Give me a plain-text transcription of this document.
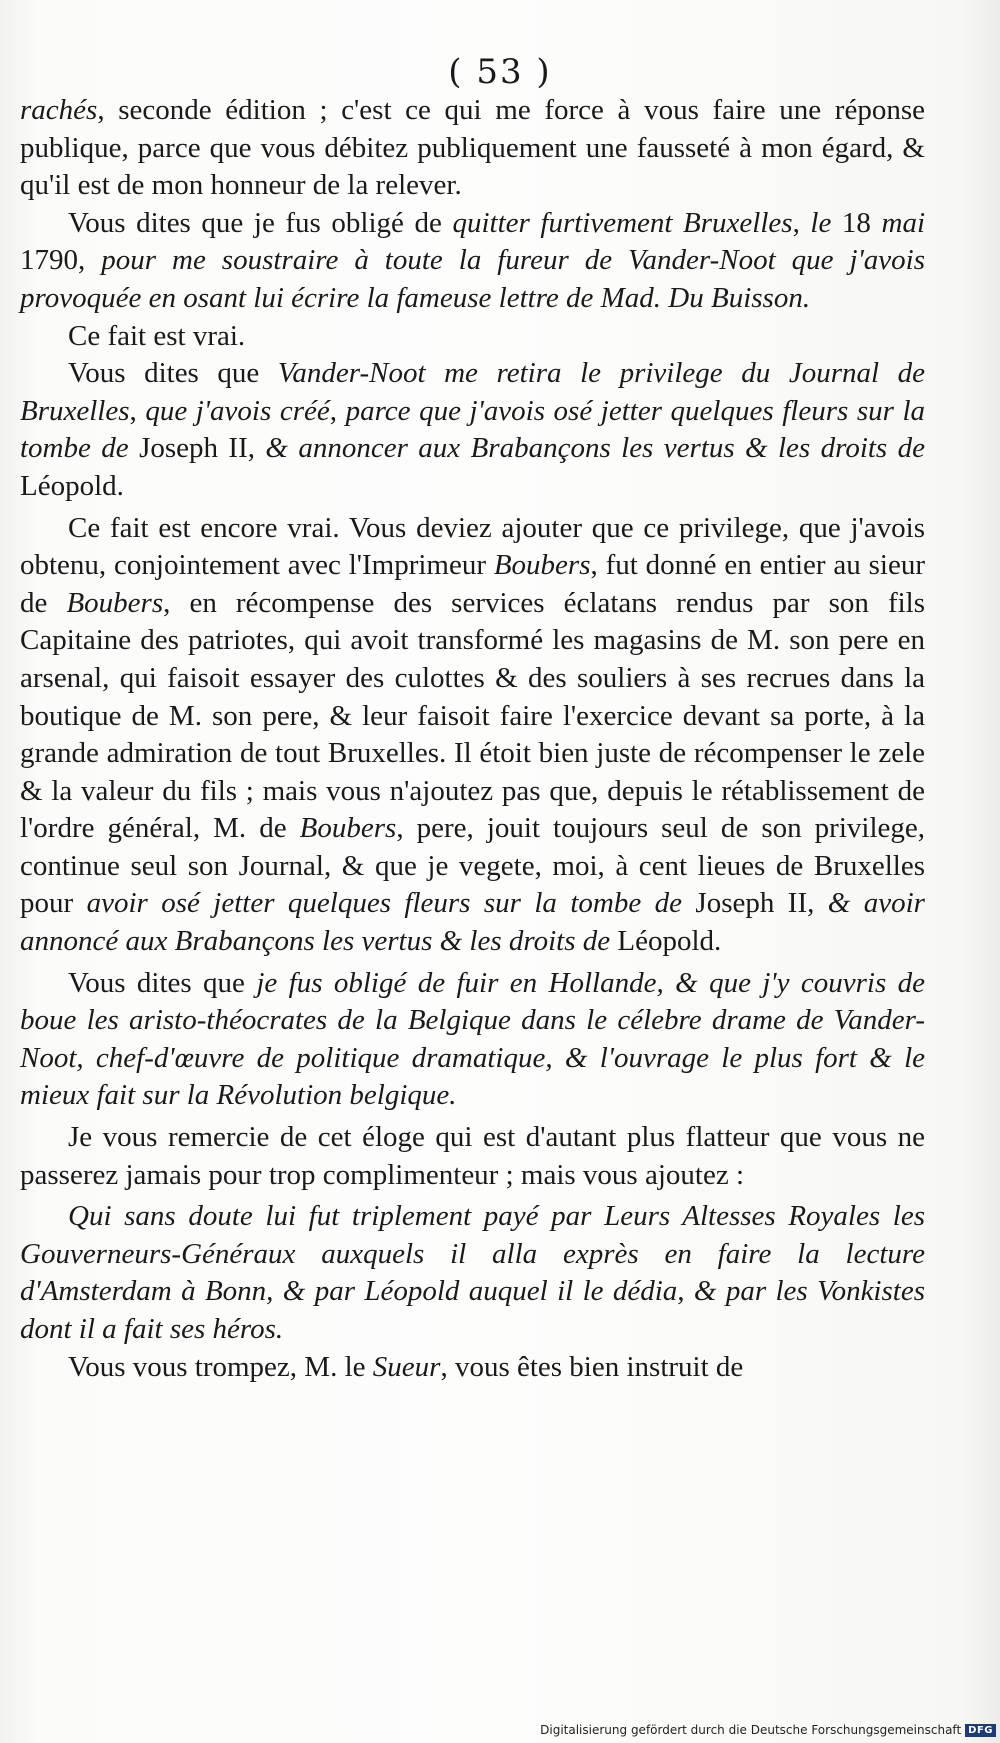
( 53 )

rachés, seconde édition ; c'est ce qui me force à vous faire une réponse publique, parce que vous débitez publiquement une fausseté à mon égard, & qu'il est de mon honneur de la relever.

Vous dites que je fus obligé de quitter furtivement Bruxelles, le 18 mai 1790, pour me soustraire à toute la fureur de Vander-Noot que j'avois provoquée en osant lui écrire la fameuse lettre de Mad. Du Buisson.

Ce fait est vrai.

Vous dites que Vander-Noot me retira le privilege du Journal de Bruxelles, que j'avois créé, parce que j'avois osé jetter quelques fleurs sur la tombe de Joseph II, & annoncer aux Brabançons les vertus & les droits de Léopold.

Ce fait est encore vrai. Vous deviez ajouter que ce privilege, que j'avois obtenu, conjointement avec l'Imprimeur Boubers, fut donné en entier au sieur de Boubers, en récompense des services éclatans rendus par son fils Capitaine des patriotes, qui avoit transformé les magasins de M. son pere en arsenal, qui faisoit essayer des culottes & des souliers à ses recrues dans la boutique de M. son pere, & leur faisoit faire l'exercice devant sa porte, à la grande admiration de tout Bruxelles. Il étoit bien juste de récompenser le zele & la valeur du fils ; mais vous n'ajoutez pas que, depuis le rétablissement de l'ordre général, M. de Boubers, pere, jouit toujours seul de son privilege, continue seul son Journal, & que je vegete, moi, à cent lieues de Bruxelles pour avoir osé jetter quelques fleurs sur la tombe de Joseph II, & avoir annoncé aux Brabançons les vertus & les droits de Léopold.

Vous dites que je fus obligé de fuir en Hollande, & que j'y couvris de boue les aristo-théocrates de la Belgique dans le célebre drame de Vander-Noot, chef-d'œuvre de politique dramatique, & l'ouvrage le plus fort & le mieux fait sur la Révolution belgique.

Je vous remercie de cet éloge qui est d'autant plus flatteur que vous ne passerez jamais pour trop complimenteur ; mais vous ajoutez :

Qui sans doute lui fut triplement payé par Leurs Altesses Royales les Gouverneurs-Généraux auxquels il alla exprès en faire la lecture d'Amsterdam à Bonn, & par Léopold auquel il le dédia, & par les Vonkistes dont il a fait ses héros.

Vous vous trompez, M. le Sueur, vous êtes bien instruit de

Digitalisierung gefördert durch die Deutsche Forschungsgemeinschaft DFG
